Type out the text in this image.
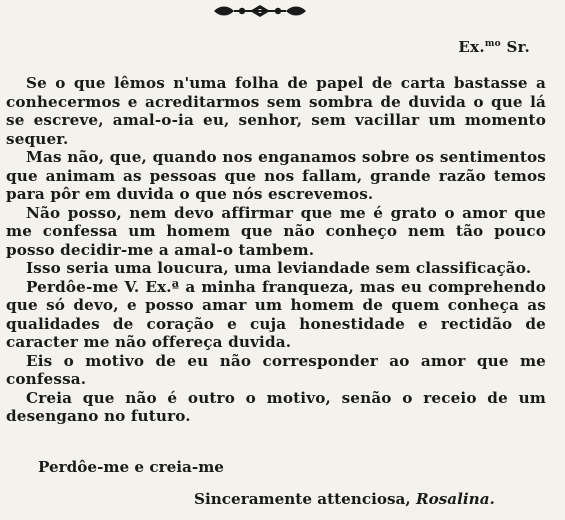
Ex.$^{mo}$ Sr.

Se o que lêmos n'uma folha de papel de carta bastasse a conhecermos e acreditarmos sem sombra de duvida o que lá se escreve, amal-o-ia eu, senhor, sem vacillar um momento sequer.

Mas não, que, quando nos enganamos sobre os sentimentos que animam as pessoas que nos fallam, grande razão temos para pôr em duvida o que nós escrevemos.

Não posso, nem devo affirmar que me é grato o amor que me confessa um homem que não conheço nem tão pouco posso decidir-me a amal-o tambem.

Isso seria uma loucura, uma leviandade sem classificação.

Perdôe-me V. Ex.ª a minha franqueza, mas eu comprehendo que só devo, e posso amar um homem de quem conheça as qualidades de coração e cuja honestidade e rectidão de caracter me não offereça duvida.

Eis o motivo de eu não corresponder ao amor que me confessa.

Creia que não é outro o motivo, senão o receio de um desengano no futuro.

Perdôe-me e creia-me
Sinceramente attenciosa, Rosalina.
